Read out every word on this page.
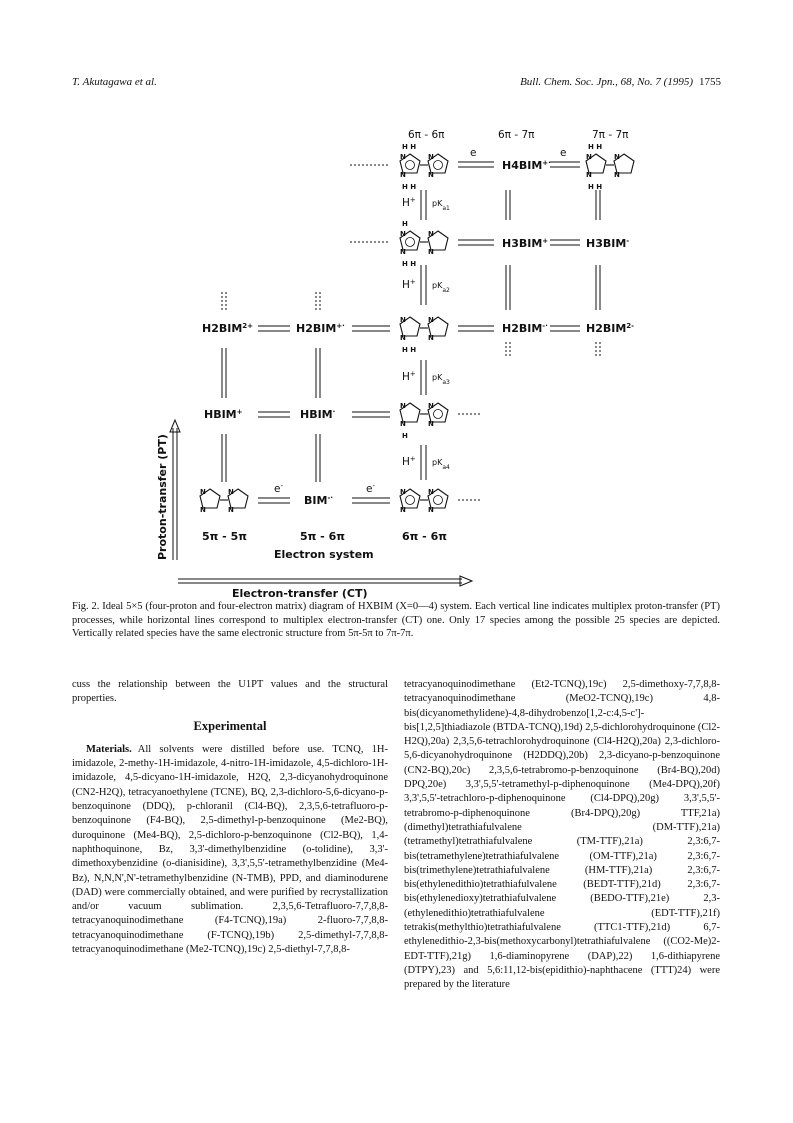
T. Akutagawa et al.	Bull. Chem. Soc. Jpn., 68, No. 7 (1995) 1755
N
N	6π - 6π	6π - 7π	7π - 7π
H H
H H
e
H4BIM+·
e	H H
H H
H+ $pK_{a1}$
H
H H
H3BIM+	H3BIM-
H+ $pK_{a2}$
$H2BIM^{2+}$	H2BIM+·
H H
H2BIM-·	$H2BIM^{2-}$
H+ $pK_{a3}$
HBIM+	HBIM·
H
H+ $pK_{a4}$
e-
BIM-·
e-
5π - 5π	5π - 6π	6π - 6π
Electron system
Proton-transfer (PT)
Electron-transfer (CT)
Fig. 2. Ideal 5×5 (four-proton and four-electron matrix) diagram of HXBIM (X=0—4) system. Each vertical line indicates multiplex proton-transfer (PT) processes, while horizontal lines correspond to multiplex electron-transfer (CT) one. Only 17 species among the possible 25 species are depicted. Vertically related species have the same electronic structure from 5π-5π to 7π-7π.

cuss the relationship between the U1PT values and the structural properties.

Experimental

Materials. All solvents were distilled before use. TCNQ, 1H-imidazole, 2-methy-1H-imidazole, 4-nitro-1H-imidazole, 4,5-dichloro-1H-imidazole, 4,5-dicyano-1H-imidazole, H2Q, 2,3-dicyanohydroquinone (CN2-H2Q), tetracyanoethylene (TCNE), BQ, 2,3-dichloro-5,6-dicyano-p-benzoquinone (DDQ), p-chloranil (Cl4-BQ), 2,3,5,6-tetrafluoro-p-benzoquinone (F4-BQ), 2,5-dimethyl-p-benzoquinone (Me2-BQ), duroquinone (Me4-BQ), 2,5-dichloro-p-benzoquinone (Cl2-BQ), 1,4-naphthoquinone, Bz, 3,3'-dimethylbenzidine (o-tolidine), 3,3'-dimethoxybenzidine (o-dianisidine), 3,3',5,5'-tetramethylbenzidine (Me4-Bz), N,N,N',N'-tetramethylbenzidine (N-TMB), PPD, and diaminodurene (DAD) were commercially obtained, and were purified by recrystallization and/or vacuum sublimation. 2,3,5,6-Tetrafluoro-7,7,8,8-tetracyanoquinodimethane (F4-TCNQ),19a) 2-fluoro-7,7,8,8-tetracyanoquinodimethane (F-TCNQ),19b) 2,5-dimethyl-7,7,8,8-tetracyanoquinodimethane (Me2-TCNQ),19c) 2,5-diethyl-7,7,8,8-

tetracyanoquinodimethane (Et2-TCNQ),19c) 2,5-dimethoxy-7,7,8,8-tetracyanoquinodimethane (MeO2-TCNQ),19c) 4,8-bis(dicyanomethylidene)-4,8-dihydrobenzo[1,2-c:4,5-c']-bis[1,2,5]thiadiazole (BTDA-TCNQ),19d) 2,5-dichlorohydroquinone (Cl2-H2Q),20a) 2,3,5,6-tetrachlorohydroquinone (Cl4-H2Q),20a) 2,3-dichloro-5,6-dicyanohydroquinone (H2DDQ),20b) 2,3-dicyano-p-benzoquinone (CN2-BQ),20c) 2,3,5,6-tetrabromo-p-benzoquinone (Br4-BQ),20d) DPQ,20e) 3,3',5,5'-tetramethyl-p-diphenoquinone (Me4-DPQ),20f) 3,3',5,5'-tetrachloro-p-diphenoquinone (Cl4-DPQ),20g) 3,3',5,5'-tetrabromo-p-diphenoquinone (Br4-DPQ),20g) TTF,21a) (dimethyl)tetrathiafulvalene (DM-TTF),21a) (tetramethyl)tetrathiafulvalene (TM-TTF),21a) 2,3:6,7-bis(tetramethylene)tetrathiafulvalene (OM-TTF),21a) 2,3:6,7-bis(trimethylene)tetrathiafulvalene (HM-TTF),21a) 2,3:6,7-bis(ethylenedithio)tetrathiafulvalene (BEDT-TTF),21d) 2,3:6,7-bis(ethylenedioxy)tetrathiafulvalene (BEDO-TTF),21e) 2,3-(ethylenedithio)tetrathiafulvalene (EDT-TTF),21f) tetrakis(methylthio)tetrathiafulvalene (TTC1-TTF),21d) 6,7-ethylenedithio-2,3-bis(methoxycarbonyl)tetrathiafulvalene ((CO2-Me)2-EDT-TTF),21g) 1,6-diaminopyrene (DAP),22) 1,6-dithiapyrene (DTPY),23) and 5,6:11,12-bis(epidithio)-naphthacene (TTT)24) were prepared by the literature
